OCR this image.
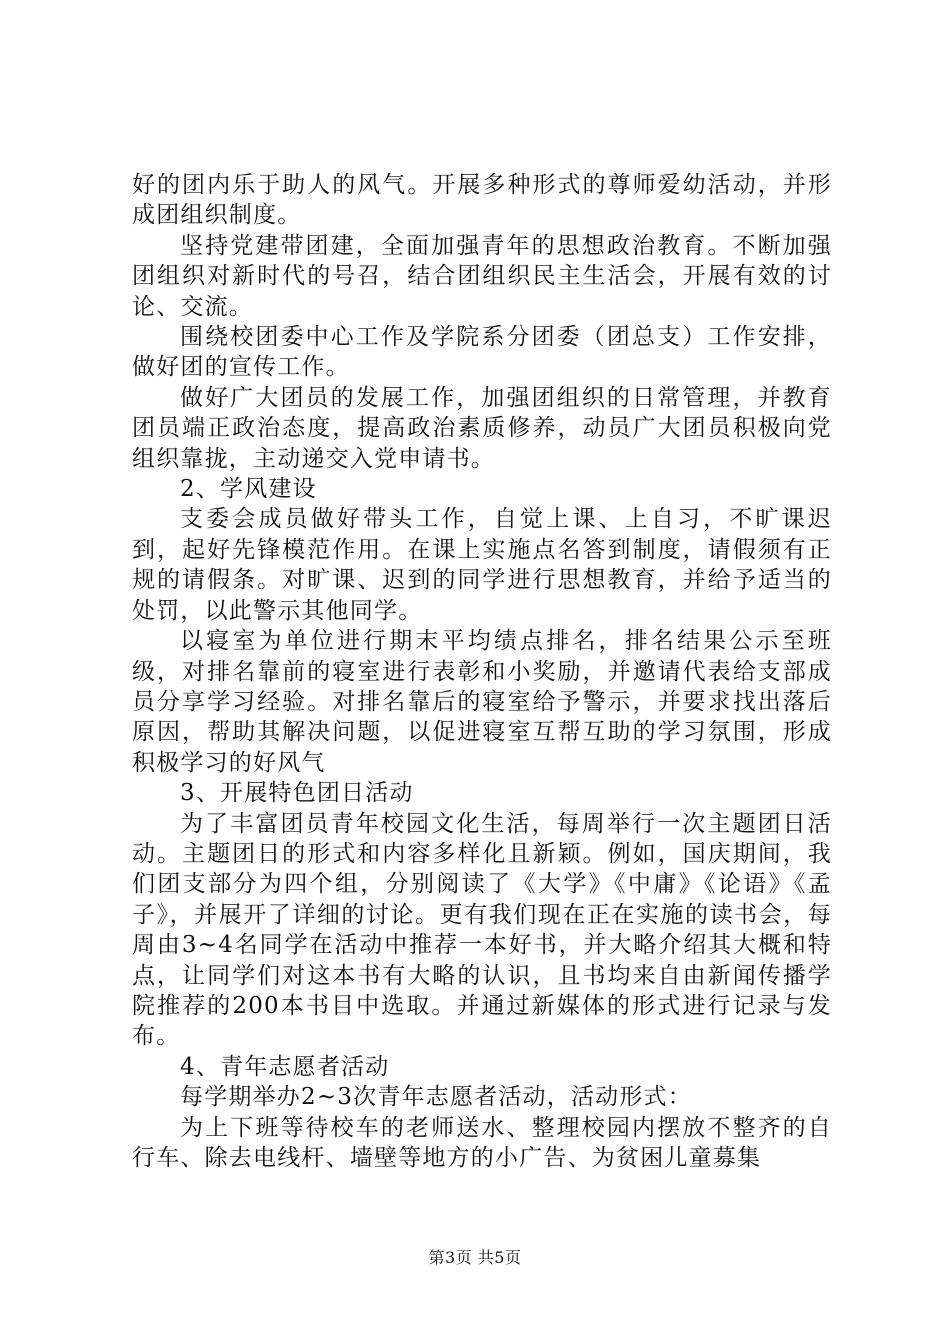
好的团内乐于助人的风气。开展多种形式的尊师爱幼活动，并形成团组织制度。

坚持党建带团建，全面加强青年的思想政治教育。不断加强团组织对新时代的号召，结合团组织民主生活会，开展有效的讨论、交流。

围绕校团委中心工作及学院系分团委（团总支）工作安排，做好团的宣传工作。

做好广大团员的发展工作，加强团组织的日常管理，并教育团员端正政治态度，提高政治素质修养，动员广大团员积极向党组织靠拢，主动递交入党申请书。

2、学风建设

支委会成员做好带头工作，自觉上课、上自习，不旷课迟到，起好先锋模范作用。在课上实施点名答到制度，请假须有正规的请假条。对旷课、迟到的同学进行思想教育，并给予适当的处罚，以此警示其他同学。

以寝室为单位进行期末平均绩点排名，排名结果公示至班级，对排名靠前的寝室进行表彰和小奖励，并邀请代表给支部成员分享学习经验。对排名靠后的寝室给予警示，并要求找出落后原因，帮助其解决问题，以促进寝室互帮互助的学习氛围，形成积极学习的好风气

3、开展特色团日活动

为了丰富团员青年校园文化生活，每周举行一次主题团日活动。主题团日的形式和内容多样化且新颖。例如，国庆期间，我们团支部分为四个组，分别阅读了《大学》《中庸》《论语》《孟子》，并展开了详细的讨论。更有我们现在正在实施的读书会，每周由3~4名同学在活动中推荐一本好书，并大略介绍其大概和特点，让同学们对这本书有大略的认识，且书均来自由新闻传播学院推荐的200本书目中选取。并通过新媒体的形式进行记录与发布。

4、青年志愿者活动

每学期举办2~3次青年志愿者活动，活动形式：

为上下班等待校车的老师送水、整理校园内摆放不整齐的自行车、除去电线杆、墙壁等地方的小广告、为贫困儿童募集

第3页 共5页
